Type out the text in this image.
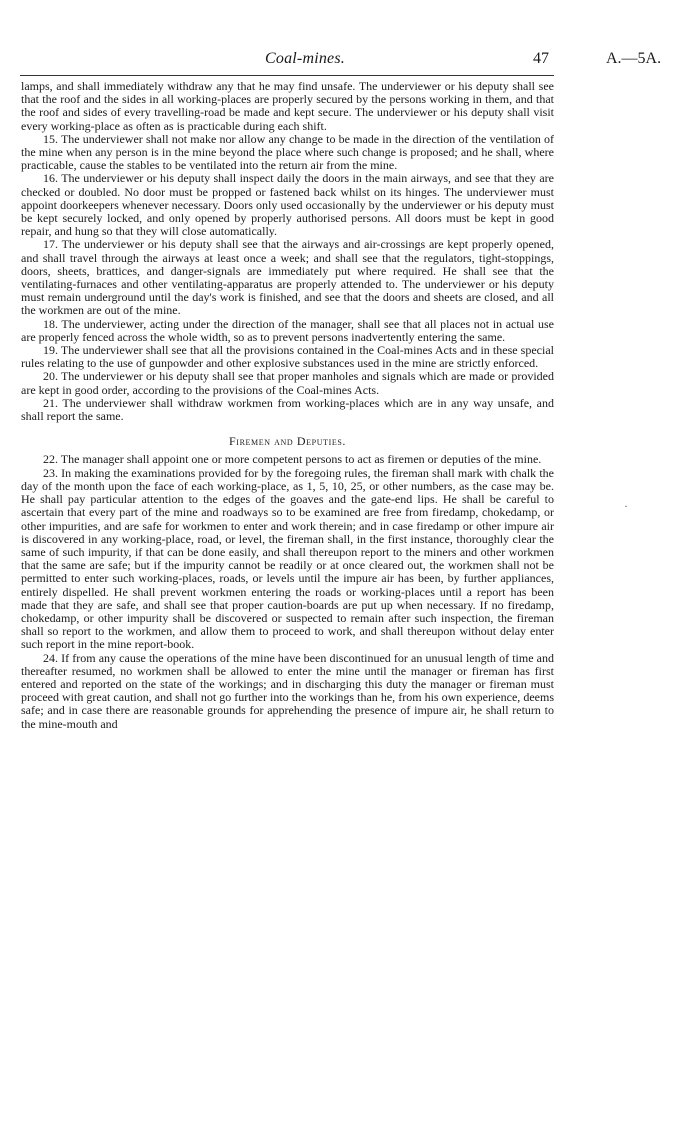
Coal-mines.	47	A.—5A.

lamps, and shall immediately withdraw any that he may find unsafe. The underviewer or his deputy shall see that the roof and the sides in all working-places are properly secured by the persons working in them, and that the roof and sides of every travelling-road be made and kept secure. The underviewer or his deputy shall visit every working-place as often as is practicable during each shift.

15. The underviewer shall not make nor allow any change to be made in the direction of the ventilation of the mine when any person is in the mine beyond the place where such change is proposed; and he shall, where practicable, cause the stables to be ventilated into the return air from the mine.

16. The underviewer or his deputy shall inspect daily the doors in the main airways, and see that they are checked or doubled. No door must be propped or fastened back whilst on its hinges. The underviewer must appoint doorkeepers whenever necessary. Doors only used occasionally by the underviewer or his deputy must be kept securely locked, and only opened by properly authorised persons. All doors must be kept in good repair, and hung so that they will close automatically.

17. The underviewer or his deputy shall see that the airways and air-crossings are kept properly opened, and shall travel through the airways at least once a week; and shall see that the regulators, tight-stoppings, doors, sheets, brattices, and danger-signals are immediately put where required. He shall see that the ventilating-furnaces and other ventilating-apparatus are properly attended to. The underviewer or his deputy must remain underground until the day's work is finished, and see that the doors and sheets are closed, and all the workmen are out of the mine.

18. The underviewer, acting under the direction of the manager, shall see that all places not in actual use are properly fenced across the whole width, so as to prevent persons inadvertently entering the same.

19. The underviewer shall see that all the provisions contained in the Coal-mines Acts and in these special rules relating to the use of gunpowder and other explosive substances used in the mine are strictly enforced.

20. The underviewer or his deputy shall see that proper manholes and signals which are made or provided are kept in good order, according to the provisions of the Coal-mines Acts.

21. The underviewer shall withdraw workmen from working-places which are in any way unsafe, and shall report the same.

Firemen and Deputies.

22. The manager shall appoint one or more competent persons to act as firemen or deputies of the mine.

23. In making the examinations provided for by the foregoing rules, the fireman shall mark with chalk the day of the month upon the face of each working-place, as 1, 5, 10, 25, or other numbers, as the case may be. He shall pay particular attention to the edges of the goaves and the gate-end lips. He shall be careful to ascertain that every part of the mine and roadways so to be examined are free from firedamp, chokedamp, or other impurities, and are safe for workmen to enter and work therein; and in case firedamp or other impure air is discovered in any working-place, road, or level, the fireman shall, in the first instance, thoroughly clear the same of such impurity, if that can be done easily, and shall thereupon report to the miners and other workmen that the same are safe; but if the impurity cannot be readily or at once cleared out, the workmen shall not be permitted to enter such working-places, roads, or levels until the impure air has been, by further appliances, entirely dispelled. He shall prevent workmen entering the roads or working-places until a report has been made that they are safe, and shall see that proper caution-boards are put up when necessary. If no firedamp, chokedamp, or other impurity shall be discovered or suspected to remain after such inspection, the fireman shall so report to the workmen, and allow them to proceed to work, and shall thereupon without delay enter such report in the mine report-book.

24. If from any cause the operations of the mine have been discontinued for an unusual length of time and thereafter resumed, no workmen shall be allowed to enter the mine until the manager or fireman has first entered and reported on the state of the workings; and in discharging this duty the manager or fireman must proceed with great caution, and shall not go further into the workings than he, from his own experience, deems safe; and in case there are reasonable grounds for apprehending the presence of impure air, he shall return to the mine-mouth and

·
